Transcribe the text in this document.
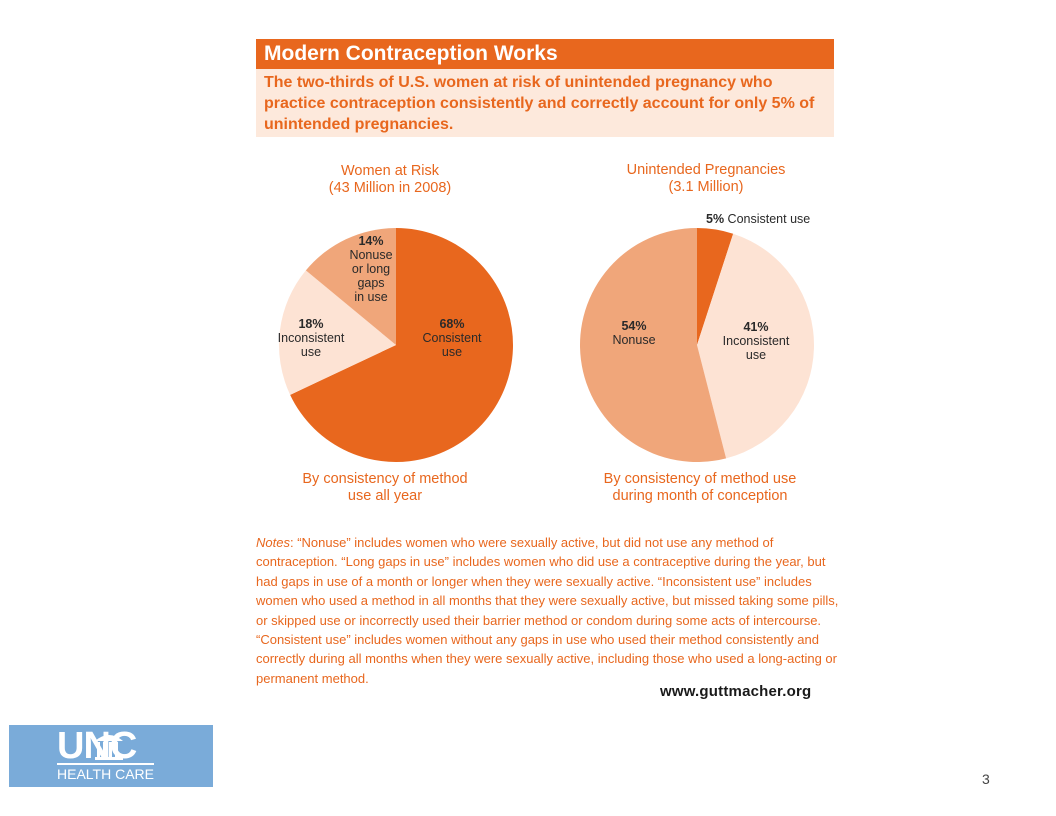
Modern Contraception Works
The two-thirds of U.S. women at risk of unintended pregnancy who practice contraception consistently and correctly account for only 5% of unintended pregnancies.
Women at Risk
(43 Million in 2008)
Unintended Pregnancies
(3.1 Million)
68% Consistent use
18% Inconsistent use
14% Nonuse or long gaps in use
5% Consistent use
41% Inconsistent use
54% Nonuse
By consistency of method
use all year
By consistency of method use
during month of conception
Notes: “Nonuse” includes women who were sexually active, but did not use any method of contraception. “Long gaps in use” includes women who did use a contraceptive during the year, but had gaps in use of a month or longer when they were sexually active. “Inconsistent use” includes women who used a method in all months that they were sexually active, but missed taking some pills, or skipped use or incorrectly used their barrier method or condom during some acts of intercourse. “Consistent use” includes women without any gaps in use who used their method consistently and correctly during all months when they were sexually active, including those who used a long-acting or permanent method.
www.guttmacher.org
UNC
HEALTH CARE	3
